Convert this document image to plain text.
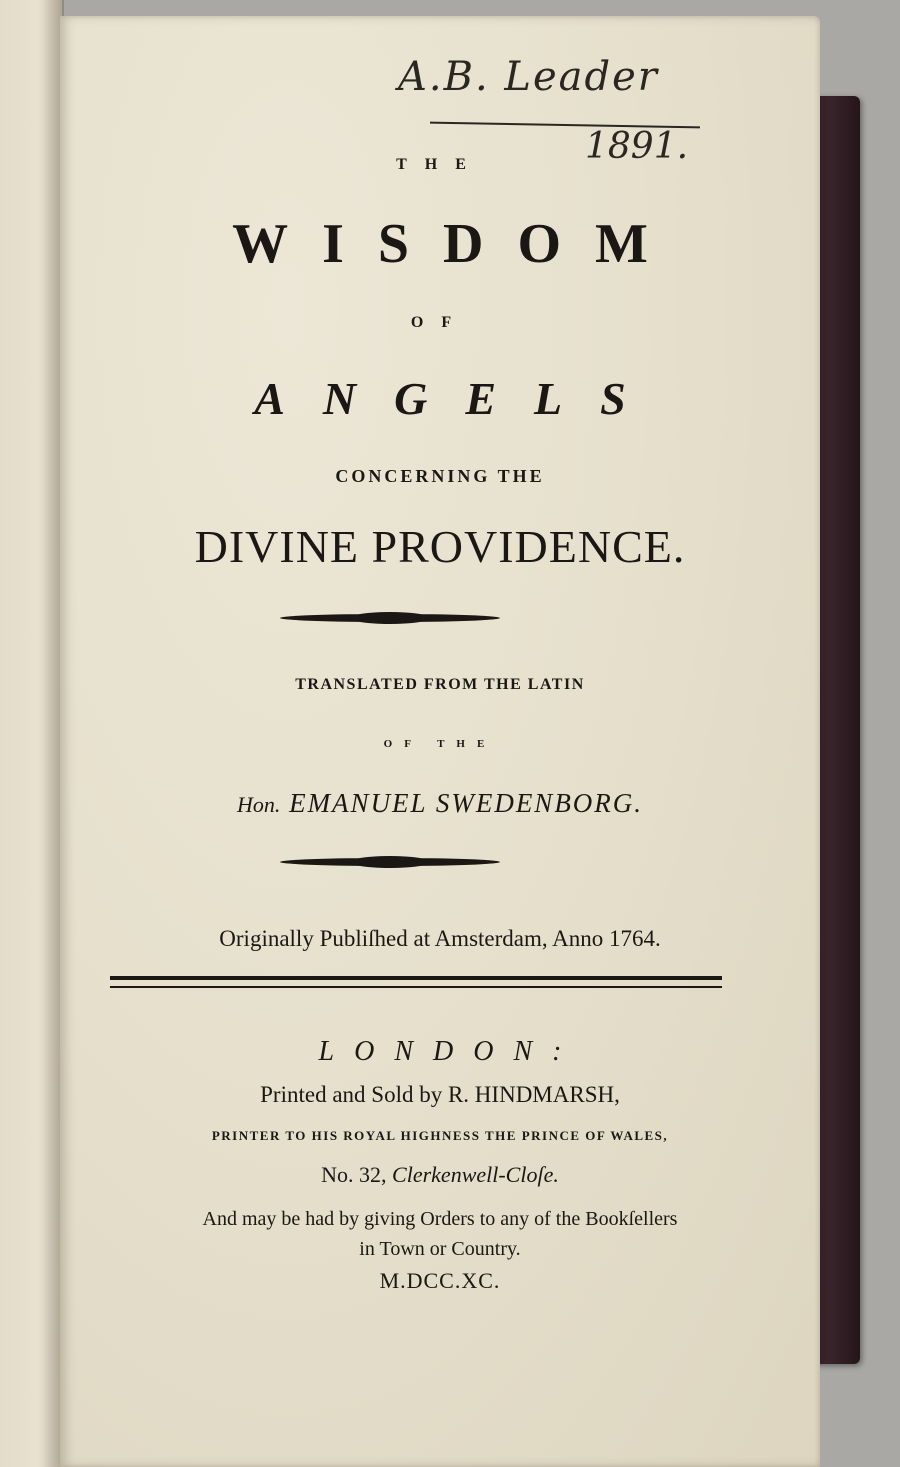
A.B. Leader
1891.
THE
WISDOM
OF
ANGELS
CONCERNING THE
DIVINE PROVIDENCE.
TRANSLATED FROM THE LATIN
OF THE
Hon. EMANUEL SWEDENBORG.
Originally Publiſhed at Amsterdam, Anno 1764.
LONDON:
Printed and Sold by R. HINDMARSH,
PRINTER TO HIS ROYAL HIGHNESS THE PRINCE OF WALES,
No. 32, Clerkenwell-Cloſe.
And may be had by giving Orders to any of the Bookſellers
in Town or Country.
M.DCC.XC.
